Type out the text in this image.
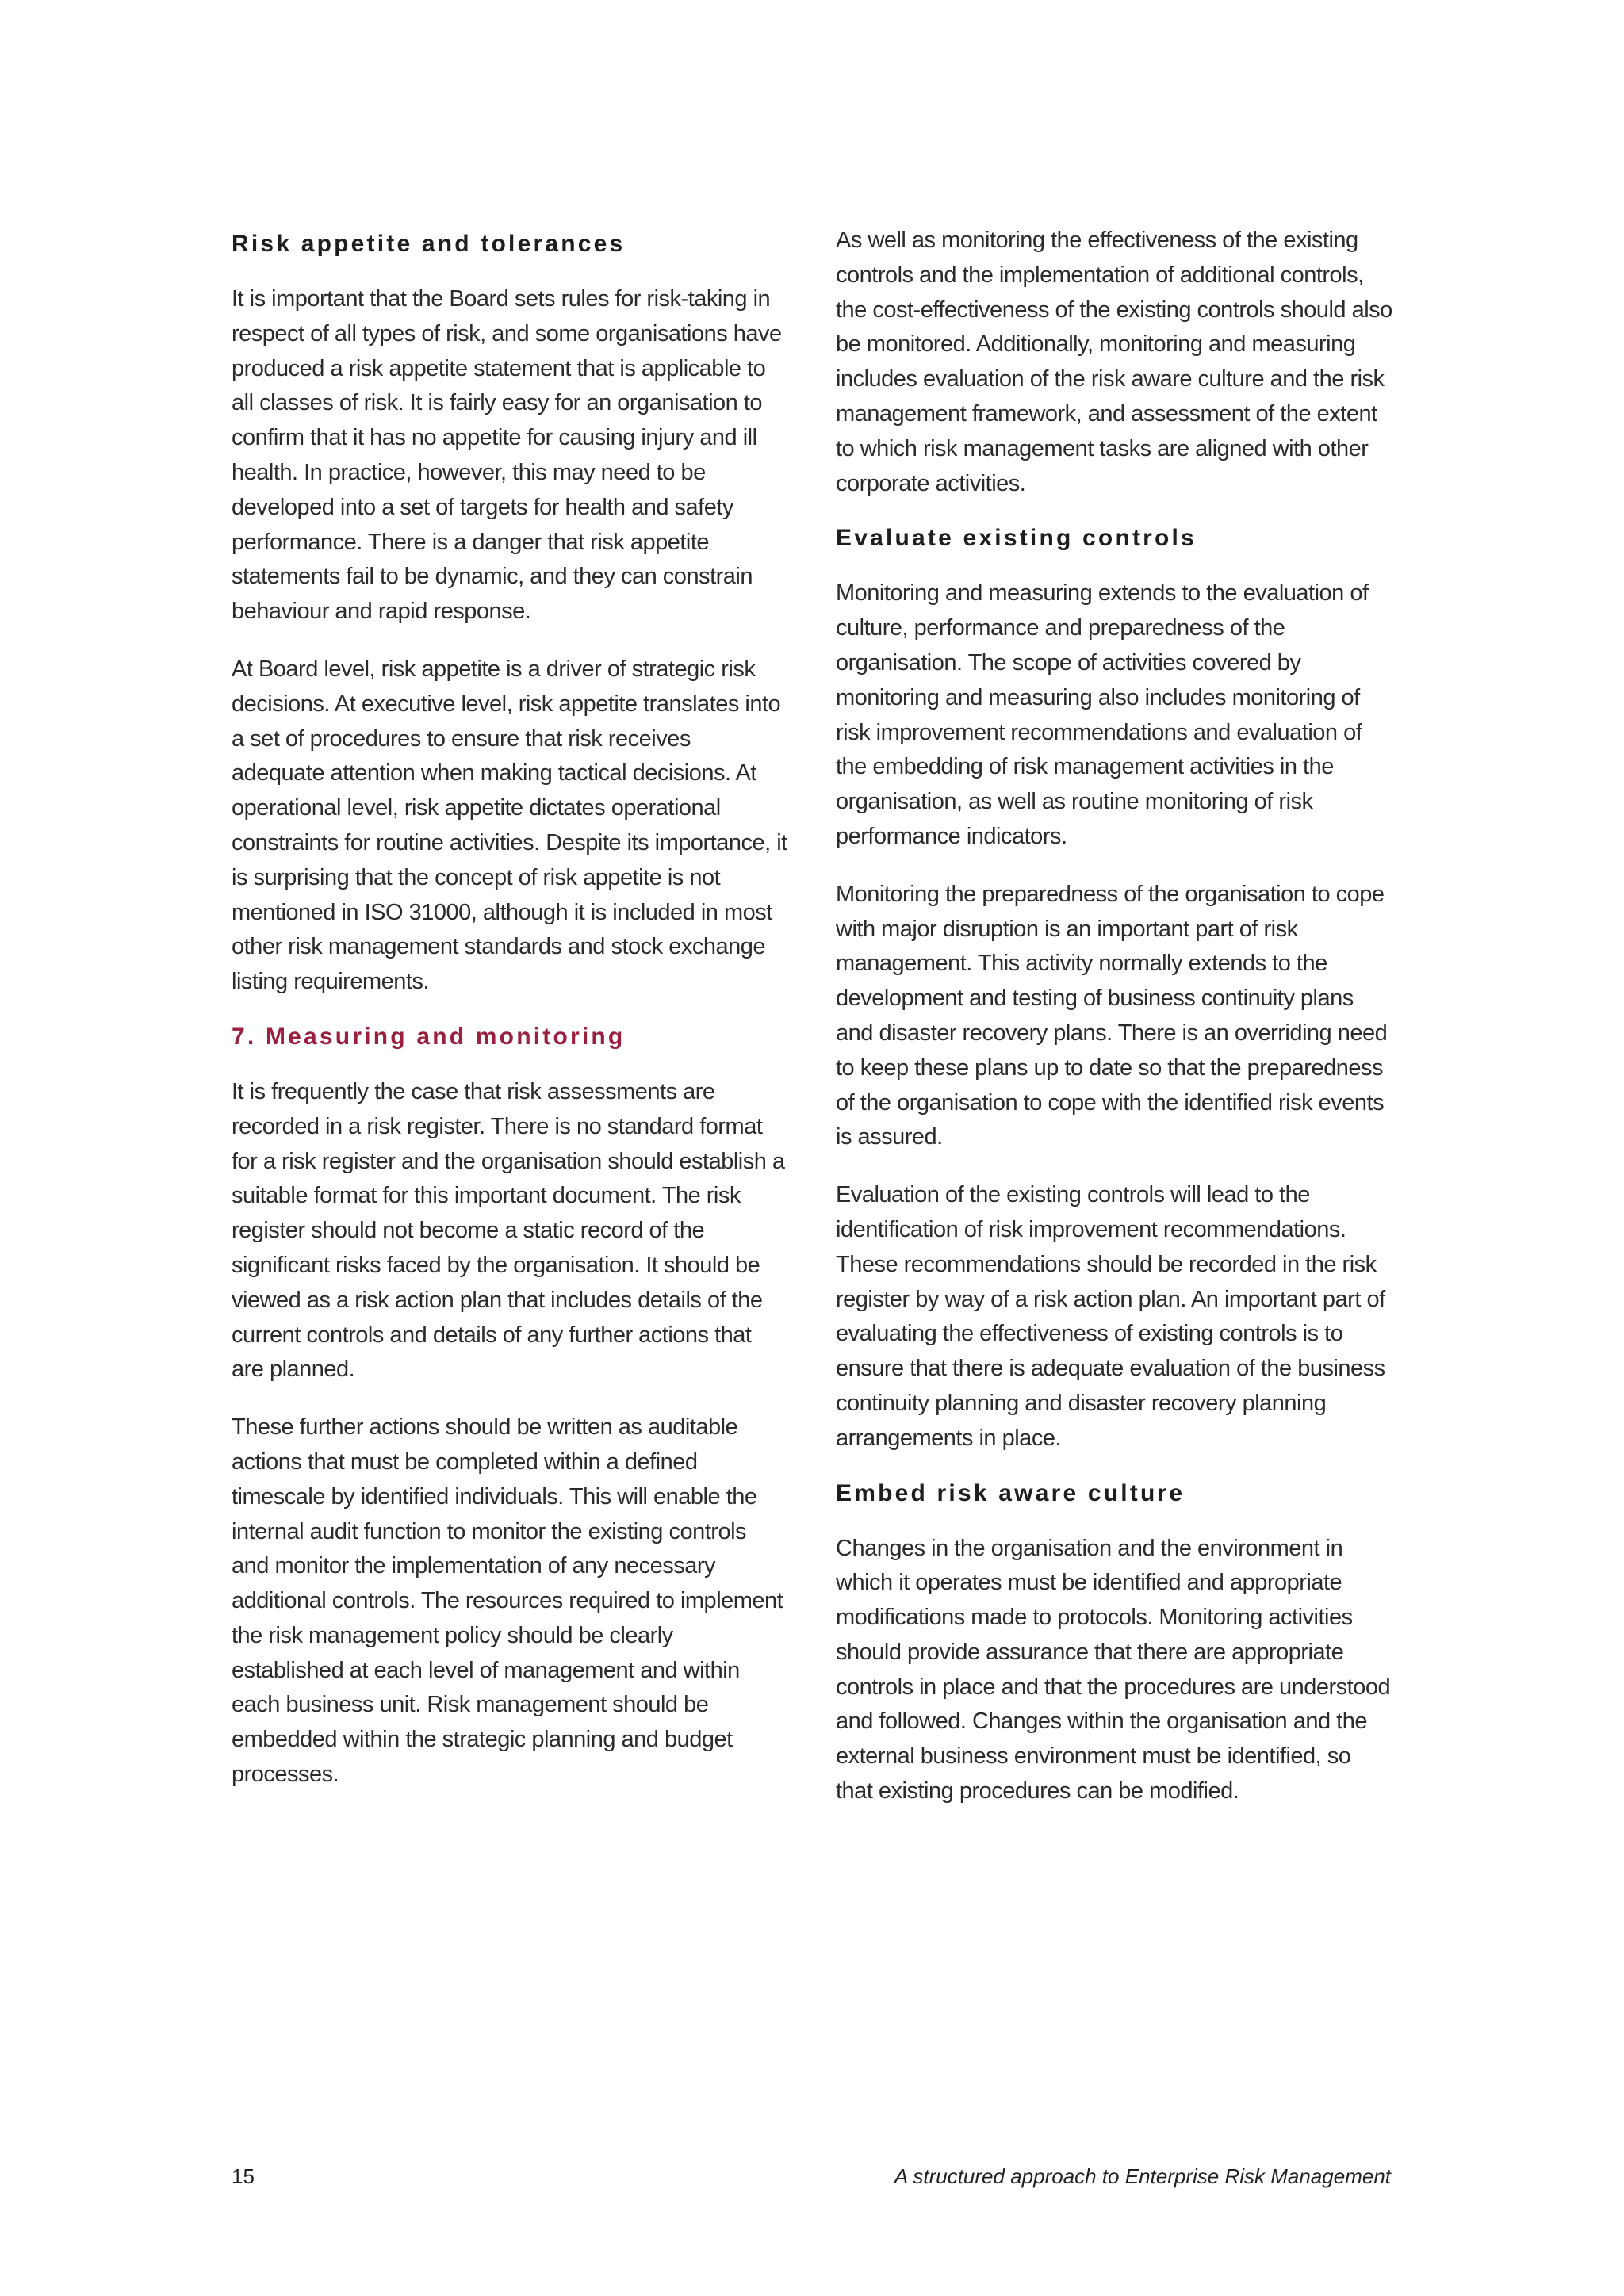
Risk appetite and tolerances

It is important that the Board sets rules for risk-taking in respect of all types of risk, and some organisations have produced a risk appetite statement that is applicable to all classes of risk. It is fairly easy for an organisation to confirm that it has no appetite for causing injury and ill health. In practice, however, this may need to be developed into a set of targets for health and safety performance. There is a danger that risk appetite statements fail to be dynamic, and they can constrain behaviour and rapid response.

At Board level, risk appetite is a driver of strategic risk decisions. At executive level, risk appetite translates into a set of procedures to ensure that risk receives adequate attention when making tactical decisions. At operational level, risk appetite dictates operational constraints for routine activities. Despite its importance, it is surprising that the concept of risk appetite is not mentioned in ISO 31000, although it is included in most other risk management standards and stock exchange listing requirements.

7. Measuring and monitoring

It is frequently the case that risk assessments are recorded in a risk register. There is no standard format for a risk register and the organisation should establish a suitable format for this important document. The risk register should not become a static record of the significant risks faced by the organisation. It should be viewed as a risk action plan that includes details of the current controls and details of any further actions that are planned.

These further actions should be written as auditable actions that must be completed within a defined timescale by identified individuals. This will enable the internal audit function to monitor the existing controls and monitor the implementation of any necessary additional controls. The resources required to implement the risk management policy should be clearly established at each level of management and within each business unit. Risk management should be embedded within the strategic planning and budget processes.

As well as monitoring the effectiveness of the existing controls and the implementation of additional controls, the cost-effectiveness of the existing controls should also be monitored. Additionally, monitoring and measuring includes evaluation of the risk aware culture and the risk management framework, and assessment of the extent to which risk management tasks are aligned with other corporate activities.

Evaluate existing controls

Monitoring and measuring extends to the evaluation of culture, performance and preparedness of the organisation. The scope of activities covered by monitoring and measuring also includes monitoring of risk improvement recommendations and evaluation of the embedding of risk management activities in the organisation, as well as routine monitoring of risk performance indicators.

Monitoring the preparedness of the organisation to cope with major disruption is an important part of risk management. This activity normally extends to the development and testing of business continuity plans and disaster recovery plans. There is an overriding need to keep these plans up to date so that the preparedness of the organisation to cope with the identified risk events is assured.

Evaluation of the existing controls will lead to the identification of risk improvement recommendations. These recommendations should be recorded in the risk register by way of a risk action plan. An important part of evaluating the effectiveness of existing controls is to ensure that there is adequate evaluation of the business continuity planning and disaster recovery planning arrangements in place.

Embed risk aware culture

Changes in the organisation and the environment in which it operates must be identified and appropriate modifications made to protocols. Monitoring activities should provide assurance that there are appropriate controls in place and that the procedures are understood and followed. Changes within the organisation and the external business environment must be identified, so that existing procedures can be modified.

15	A structured approach to Enterprise Risk Management
